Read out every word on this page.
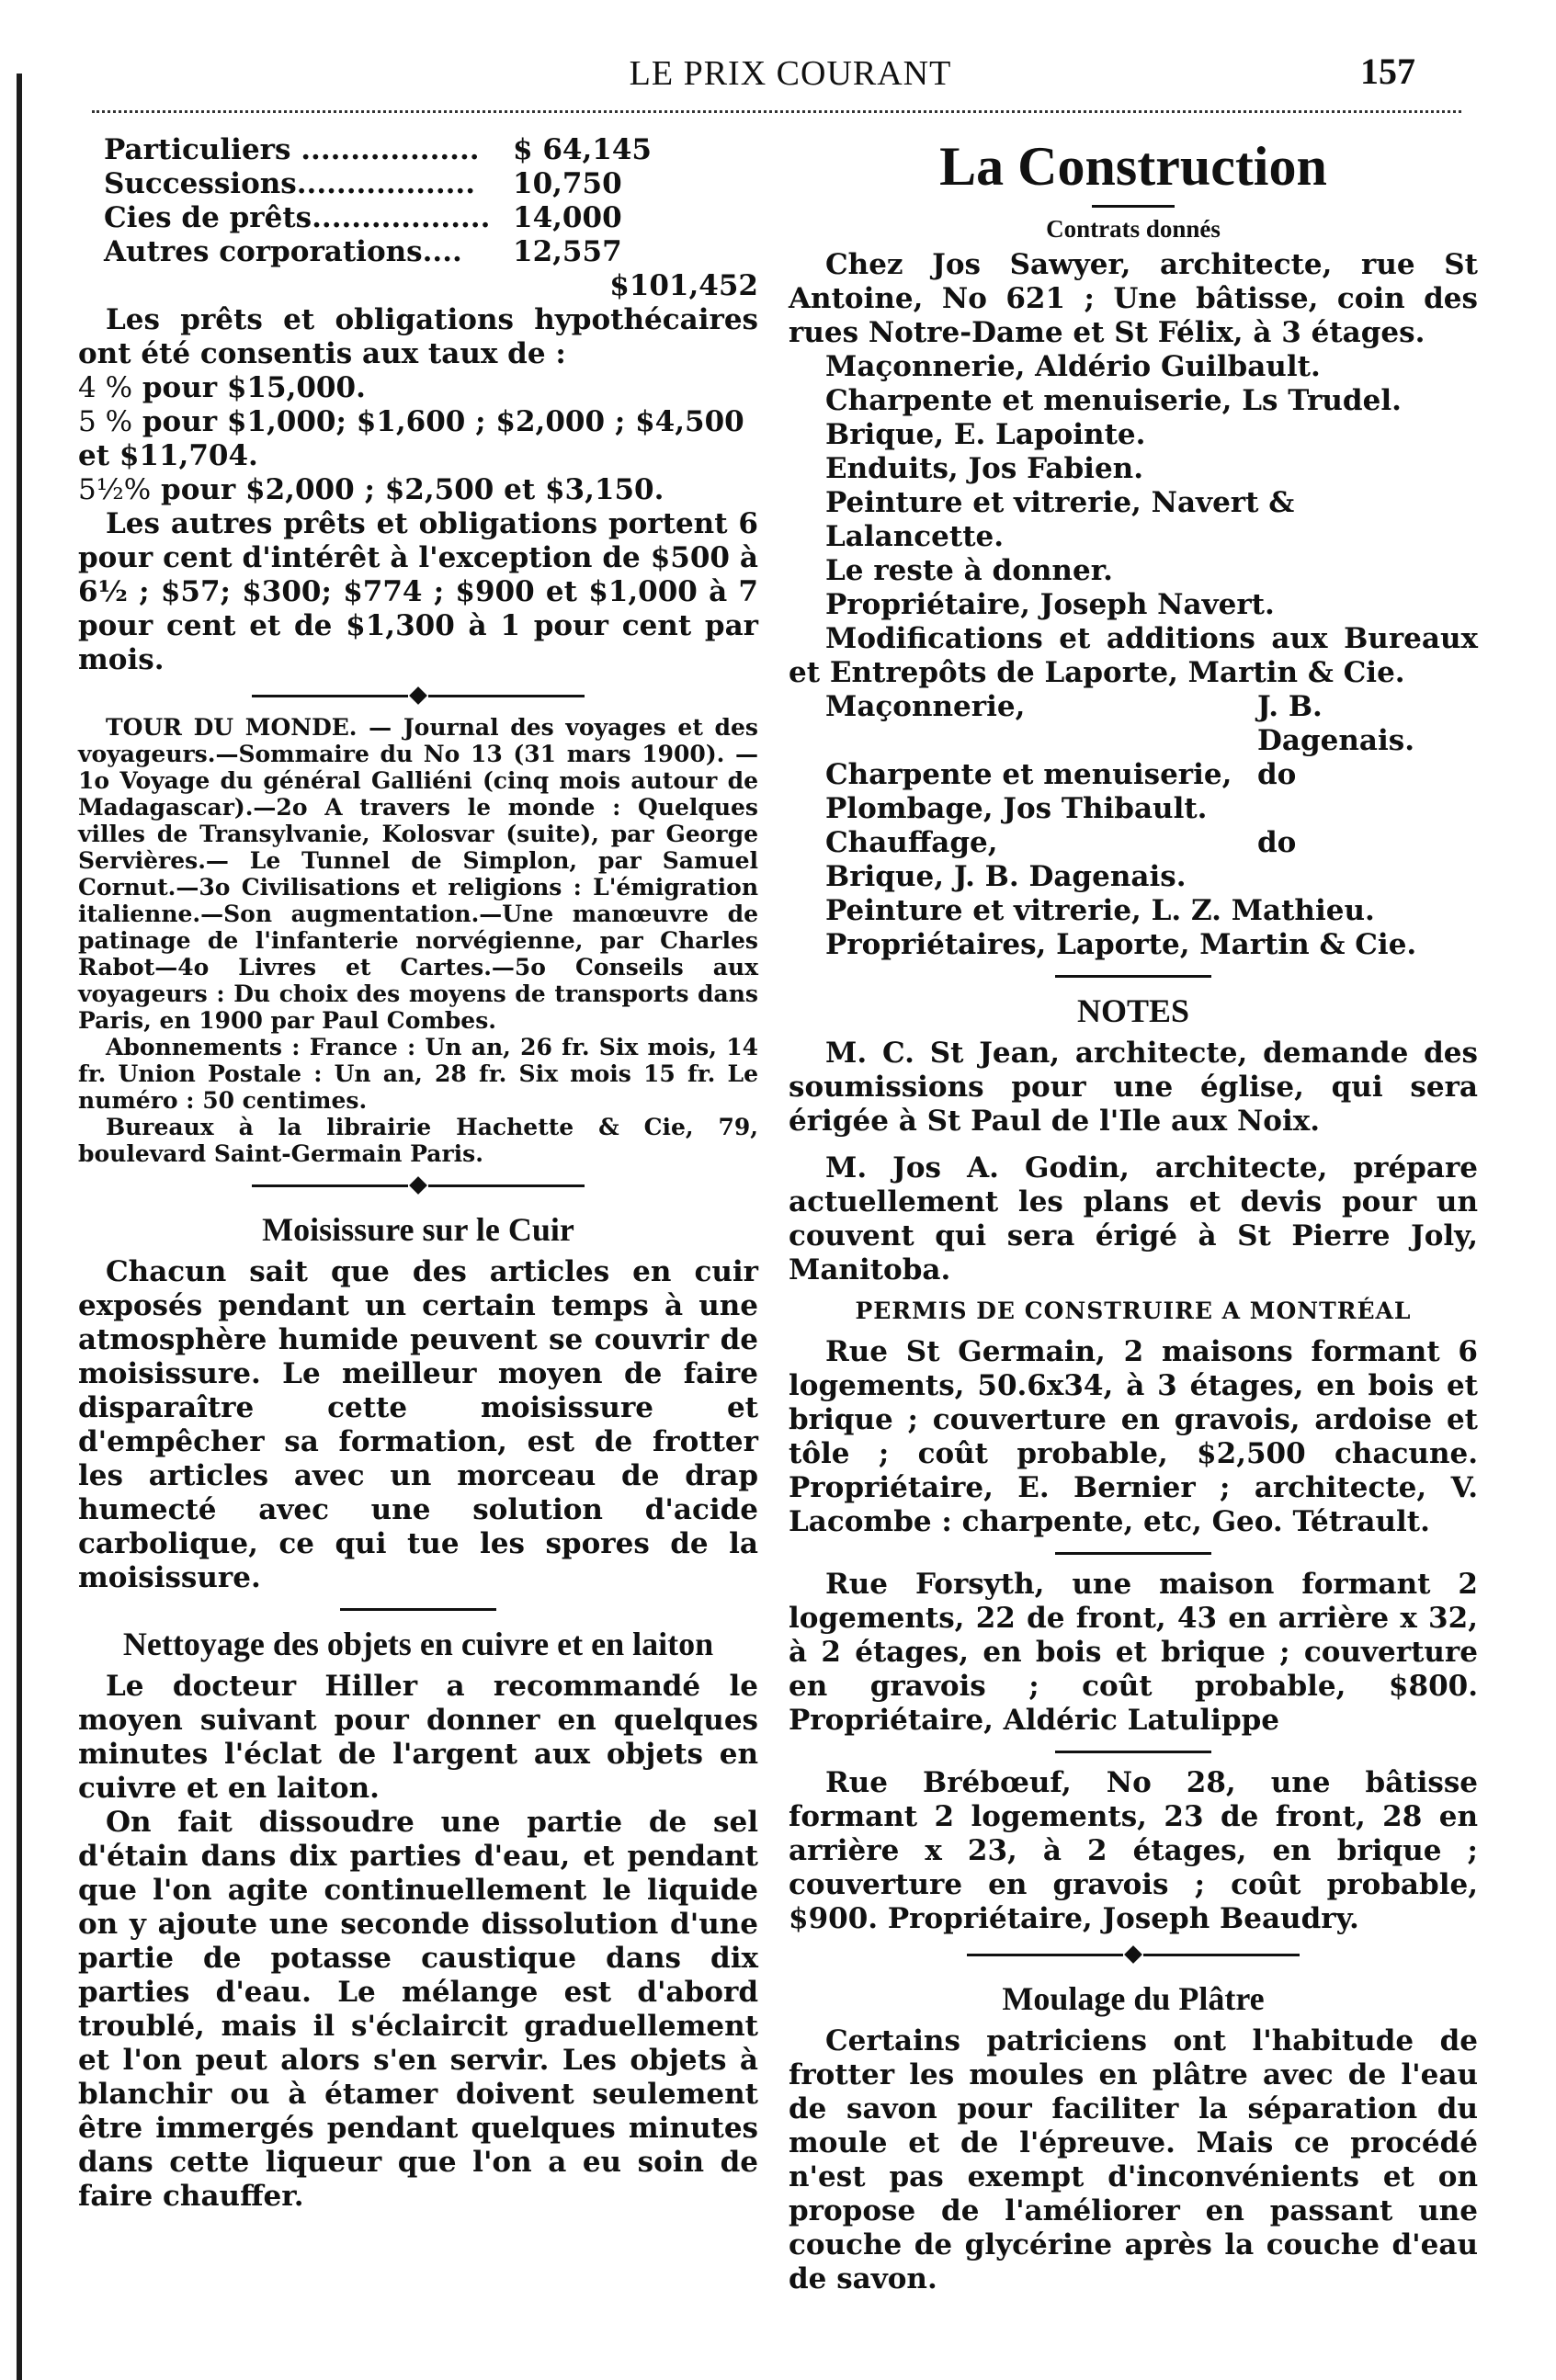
LE PRIX COURANT	157
Particuliers ..................	$ 64,145
Successions..................	10,750
Cies de prêts.................. 14,000
Autres corporations....	12,557
$101,452

Les prêts et obligations hypothécaires ont été consentis aux taux de :

4 % pour $15,000.

5 % pour $1,000; $1,600 ; $2,000 ; $4,500 et $11,704.

5½% pour $2,000 ; $2,500 et $3,150.

Les autres prêts et obligations portent 6 pour cent d'intérêt à l'exception de $500 à 6½ ; $57; $300; $774 ; $900 et $1,000 à 7 pour cent et de $1,300 à 1 pour cent par mois.

TOUR DU MONDE. — Journal des voyages et des voyageurs.—Sommaire du No 13 (31 mars 1900). —1o Voyage du général Galliéni (cinq mois autour de Madagascar).—2o A travers le monde : Quelques villes de Transylvanie, Kolosvar (suite), par George Servières.— Le Tunnel de Simplon, par Samuel Cornut.—3o Civilisations et religions : L'émigration italienne.—Son augmentation.—Une manœuvre de patinage de l'infanterie norvégienne, par Charles Rabot—4o Livres et Cartes.—5o Conseils aux voyageurs : Du choix des moyens de transports dans Paris, en 1900 par Paul Combes.

Abonnements : France : Un an, 26 fr. Six mois, 14 fr. Union Postale : Un an, 28 fr. Six mois 15 fr. Le numéro : 50 centimes.

Bureaux à la librairie Hachette & Cie, 79, boulevard Saint-Germain Paris.

Moisissure sur le Cuir

Chacun sait que des articles en cuir exposés pendant un certain temps à une atmosphère humide peuvent se couvrir de moisissure. Le meilleur moyen de faire disparaître cette moisissure et d'empêcher sa formation, est de frotter les articles avec un morceau de drap humecté avec une solution d'acide carbolique, ce qui tue les spores de la moisissure.

Nettoyage des objets en cuivre et en laiton

Le docteur Hiller a recommandé le moyen suivant pour donner en quelques minutes l'éclat de l'argent aux objets en cuivre et en laiton.

On fait dissoudre une partie de sel d'étain dans dix parties d'eau, et pendant que l'on agite continuellement le liquide on y ajoute une seconde dissolution d'une partie de potasse caustique dans dix parties d'eau. Le mélange est d'abord troublé, mais il s'éclaircit graduellement et l'on peut alors s'en servir. Les objets à blanchir ou à étamer doivent seulement être immergés pendant quelques minutes dans cette liqueur que l'on a eu soin de faire chauffer.

La Construction
Contrats donnés

Chez Jos Sawyer, architecte, rue St Antoine, No 621 ; Une bâtisse, coin des rues Notre-Dame et St Félix, à 3 étages.

Maçonnerie, Aldério Guilbault.

Charpente et menuiserie, Ls Trudel.

Brique, E. Lapointe.

Enduits, Jos Fabien.

Peinture et vitrerie, Navert & Lalancette.

Le reste à donner.

Propriétaire, Joseph Navert.

Modifications et additions aux Bureaux et Entrepôts de Laporte, Martin & Cie.

Maçonnerie,	J. B. Dagenais.
Charpente et menuiserie, do
Plombage, Jos Thibault.
Chauffage,	do
Brique, J. B. Dagenais.
Peinture et vitrerie, L. Z. Mathieu.
Propriétaires, Laporte, Martin & Cie.
NOTES

M. C. St Jean, architecte, demande des soumissions pour une église, qui sera érigée à St Paul de l'Ile aux Noix.

M. Jos A. Godin, architecte, prépare actuellement les plans et devis pour un couvent qui sera érigé à St Pierre Joly, Manitoba.

PERMIS DE CONSTRUIRE A MONTRÉAL

Rue St Germain, 2 maisons formant 6 logements, 50.6x34, à 3 étages, en bois et brique ; couverture en gravois, ardoise et tôle ; coût probable, $2,500 chacune. Propriétaire, E. Bernier ; architecte, V. Lacombe : charpente, etc, Geo. Tétrault.

Rue Forsyth, une maison formant 2 logements, 22 de front, 43 en arrière x 32, à 2 étages, en bois et brique ; couverture en gravois ; coût probable, $800. Propriétaire, Aldéric Latulippe

Rue Brébœuf, No 28, une bâtisse formant 2 logements, 23 de front, 28 en arrière x 23, à 2 étages, en brique ; couverture en gravois ; coût probable, $900. Propriétaire, Joseph Beaudry.

Moulage du Plâtre

Certains patriciens ont l'habitude de frotter les moules en plâtre avec de l'eau de savon pour faciliter la séparation du moule et de l'épreuve. Mais ce procédé n'est pas exempt d'inconvénients et on propose de l'améliorer en passant une couche de glycérine après la couche d'eau de savon.
